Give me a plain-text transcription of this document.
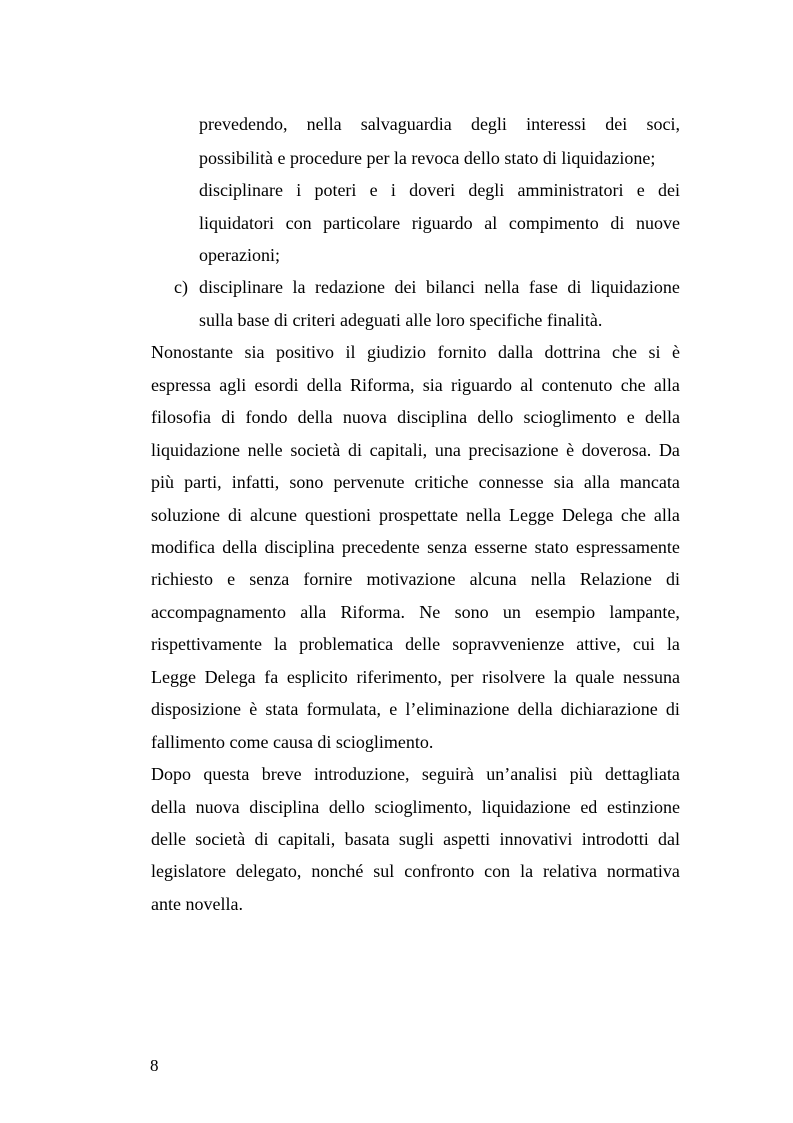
prevedendo, nella salvaguardia degli interessi dei soci,
possibilità e procedure per la revoca dello stato di liquidazione;
disciplinare i poteri e i doveri degli amministratori e dei
liquidatori con particolare riguardo al compimento di nuove
operazioni;
disciplinare la redazione dei bilanci nella fase di liquidazione
sulla base di criteri adeguati alle loro specifiche finalità.
Nonostante sia positivo il giudizio fornito dalla dottrina che si è
espressa agli esordi della Riforma, sia riguardo al contenuto che alla
filosofia di fondo della nuova disciplina dello scioglimento e della
liquidazione nelle società di capitali, una precisazione è doverosa. Da
più parti, infatti, sono pervenute critiche connesse sia alla mancata
soluzione di alcune questioni prospettate nella Legge Delega che alla
modifica della disciplina precedente senza esserne stato espressamente
richiesto e senza fornire motivazione alcuna nella Relazione di
accompagnamento alla Riforma. Ne sono un esempio lampante,
rispettivamente la problematica delle sopravvenienze attive, cui la
Legge Delega fa esplicito riferimento, per risolvere la quale nessuna
disposizione è stata formulata, e l’eliminazione della dichiarazione di
fallimento come causa di scioglimento.
Dopo questa breve introduzione, seguirà un’analisi più dettagliata
della nuova disciplina dello scioglimento, liquidazione ed estinzione
delle società di capitali, basata sugli aspetti innovativi introdotti dal
legislatore delegato, nonché sul confronto con la relativa normativa
ante novella.
c)
8
